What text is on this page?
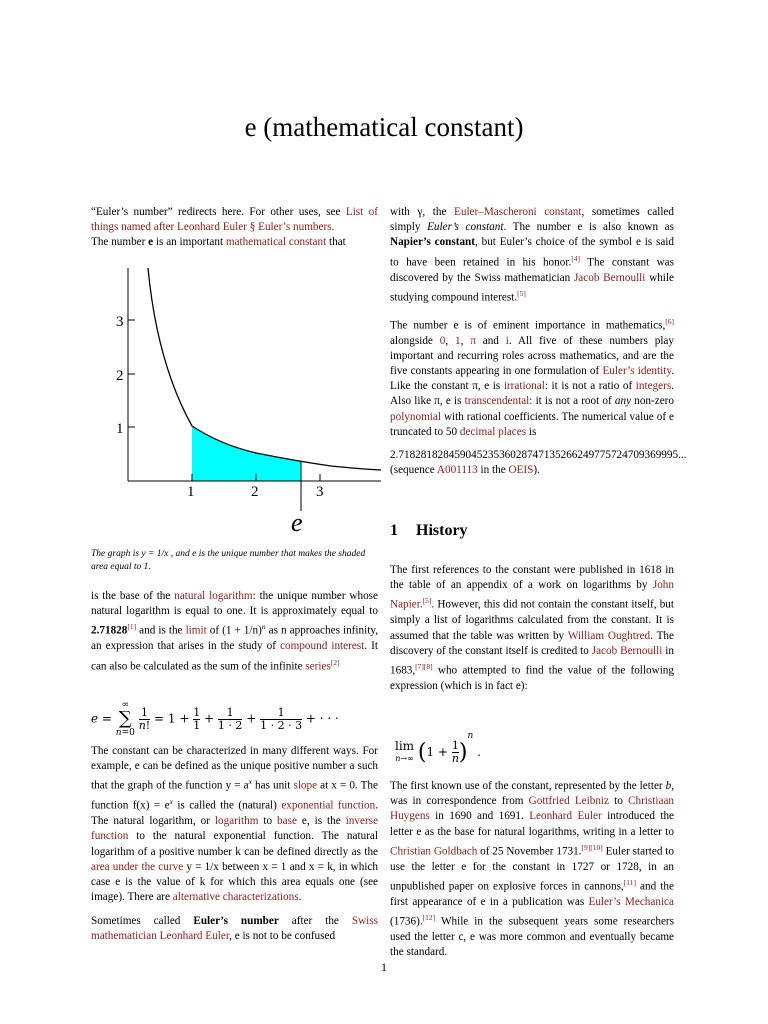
e (mathematical constant)

“Euler’s number” redirects here. For other uses, see List of things named after Leonhard Euler § Euler’s numbers.

The number e is an important mathematical constant that

3
2
1
1	2	3
e
The graph is y = 1/x , and e is the unique number that makes the shaded area equal to 1.

is the base of the natural logarithm: the unique number whose natural logarithm is equal to one. It is approximately equal to 2.71828[1] and is the limit of $(1 + 1/n)^n$ as n approaches infinity, an expression that arises in the study of compound interest. It can also be calculated as the sum of the infinite series[2]

e = ∞
∑
n=0
$\frac{1}{n!} = 1 + \frac{1}{1} + \frac{1}{1 \cdot 2} + \frac{1}{1 \cdot 2 \cdot 3}$ + · · ·

The constant can be characterized in many different ways. For example, e can be defined as the unique positive number a such that the graph of the function $y = a^x$ has unit slope at x = 0. The function $f(x) = e^x$ is called the (natural) exponential function. The natural logarithm, or logarithm to base e, is the inverse function to the natural exponential function. The natural logarithm of a positive number k can be defined directly as the area under the curve y = 1/x between x = 1 and x = k, in which case e is the value of k for which this area equals one (see image). There are alternative characterizations.

Sometimes called Euler’s number after the Swiss mathematician Leonhard Euler, e is not to be confused

with γ, the Euler–Mascheroni constant, sometimes called simply Euler’s constant. The number e is also known as Napier’s constant, but Euler’s choice of the symbol e is said to have been retained in his honor.[4] The constant was discovered by the Swiss mathematician Jacob Bernoulli while studying compound interest.[5]

The number e is of eminent importance in mathematics,[6] alongside 0, 1, π and i. All five of these numbers play important and recurring roles across mathematics, and are the five constants appearing in one formulation of Euler’s identity. Like the constant π, e is irrational: it is not a ratio of integers. Also like π, e is transcendental: it is not a root of any non-zero polynomial with rational coefficients. The numerical value of e truncated to 50 decimal places is

2.71828182845904523536028747135266249775724709369995...

(sequence A001113 in the OEIS).

1 History

The first references to the constant were published in 1618 in the table of an appendix of a work on logarithms by John Napier.[5]. However, this did not contain the constant itself, but simply a list of logarithms calculated from the constant. It is assumed that the table was written by William Oughtred. The discovery of the constant itself is credited to Jacob Bernoulli in 1683,[7][8] who attempted to find the value of the following expression (which is in fact e):

lim
n→∞ $(1 + \frac{1}{n} )^n$ .

The first known use of the constant, represented by the letter b, was in correspondence from Gottfried Leibniz to Christiaan Huygens in 1690 and 1691. Leonhard Euler introduced the letter e as the base for natural logarithms, writing in a letter to Christian Goldbach of 25 November 1731.[9][10] Euler started to use the letter e for the constant in 1727 or 1728, in an unpublished paper on explosive forces in cannons,[11] and the first appearance of e in a publication was Euler’s Mechanica (1736).[12] While in the subsequent years some researchers used the letter c, e was more common and eventually became the standard.

1
